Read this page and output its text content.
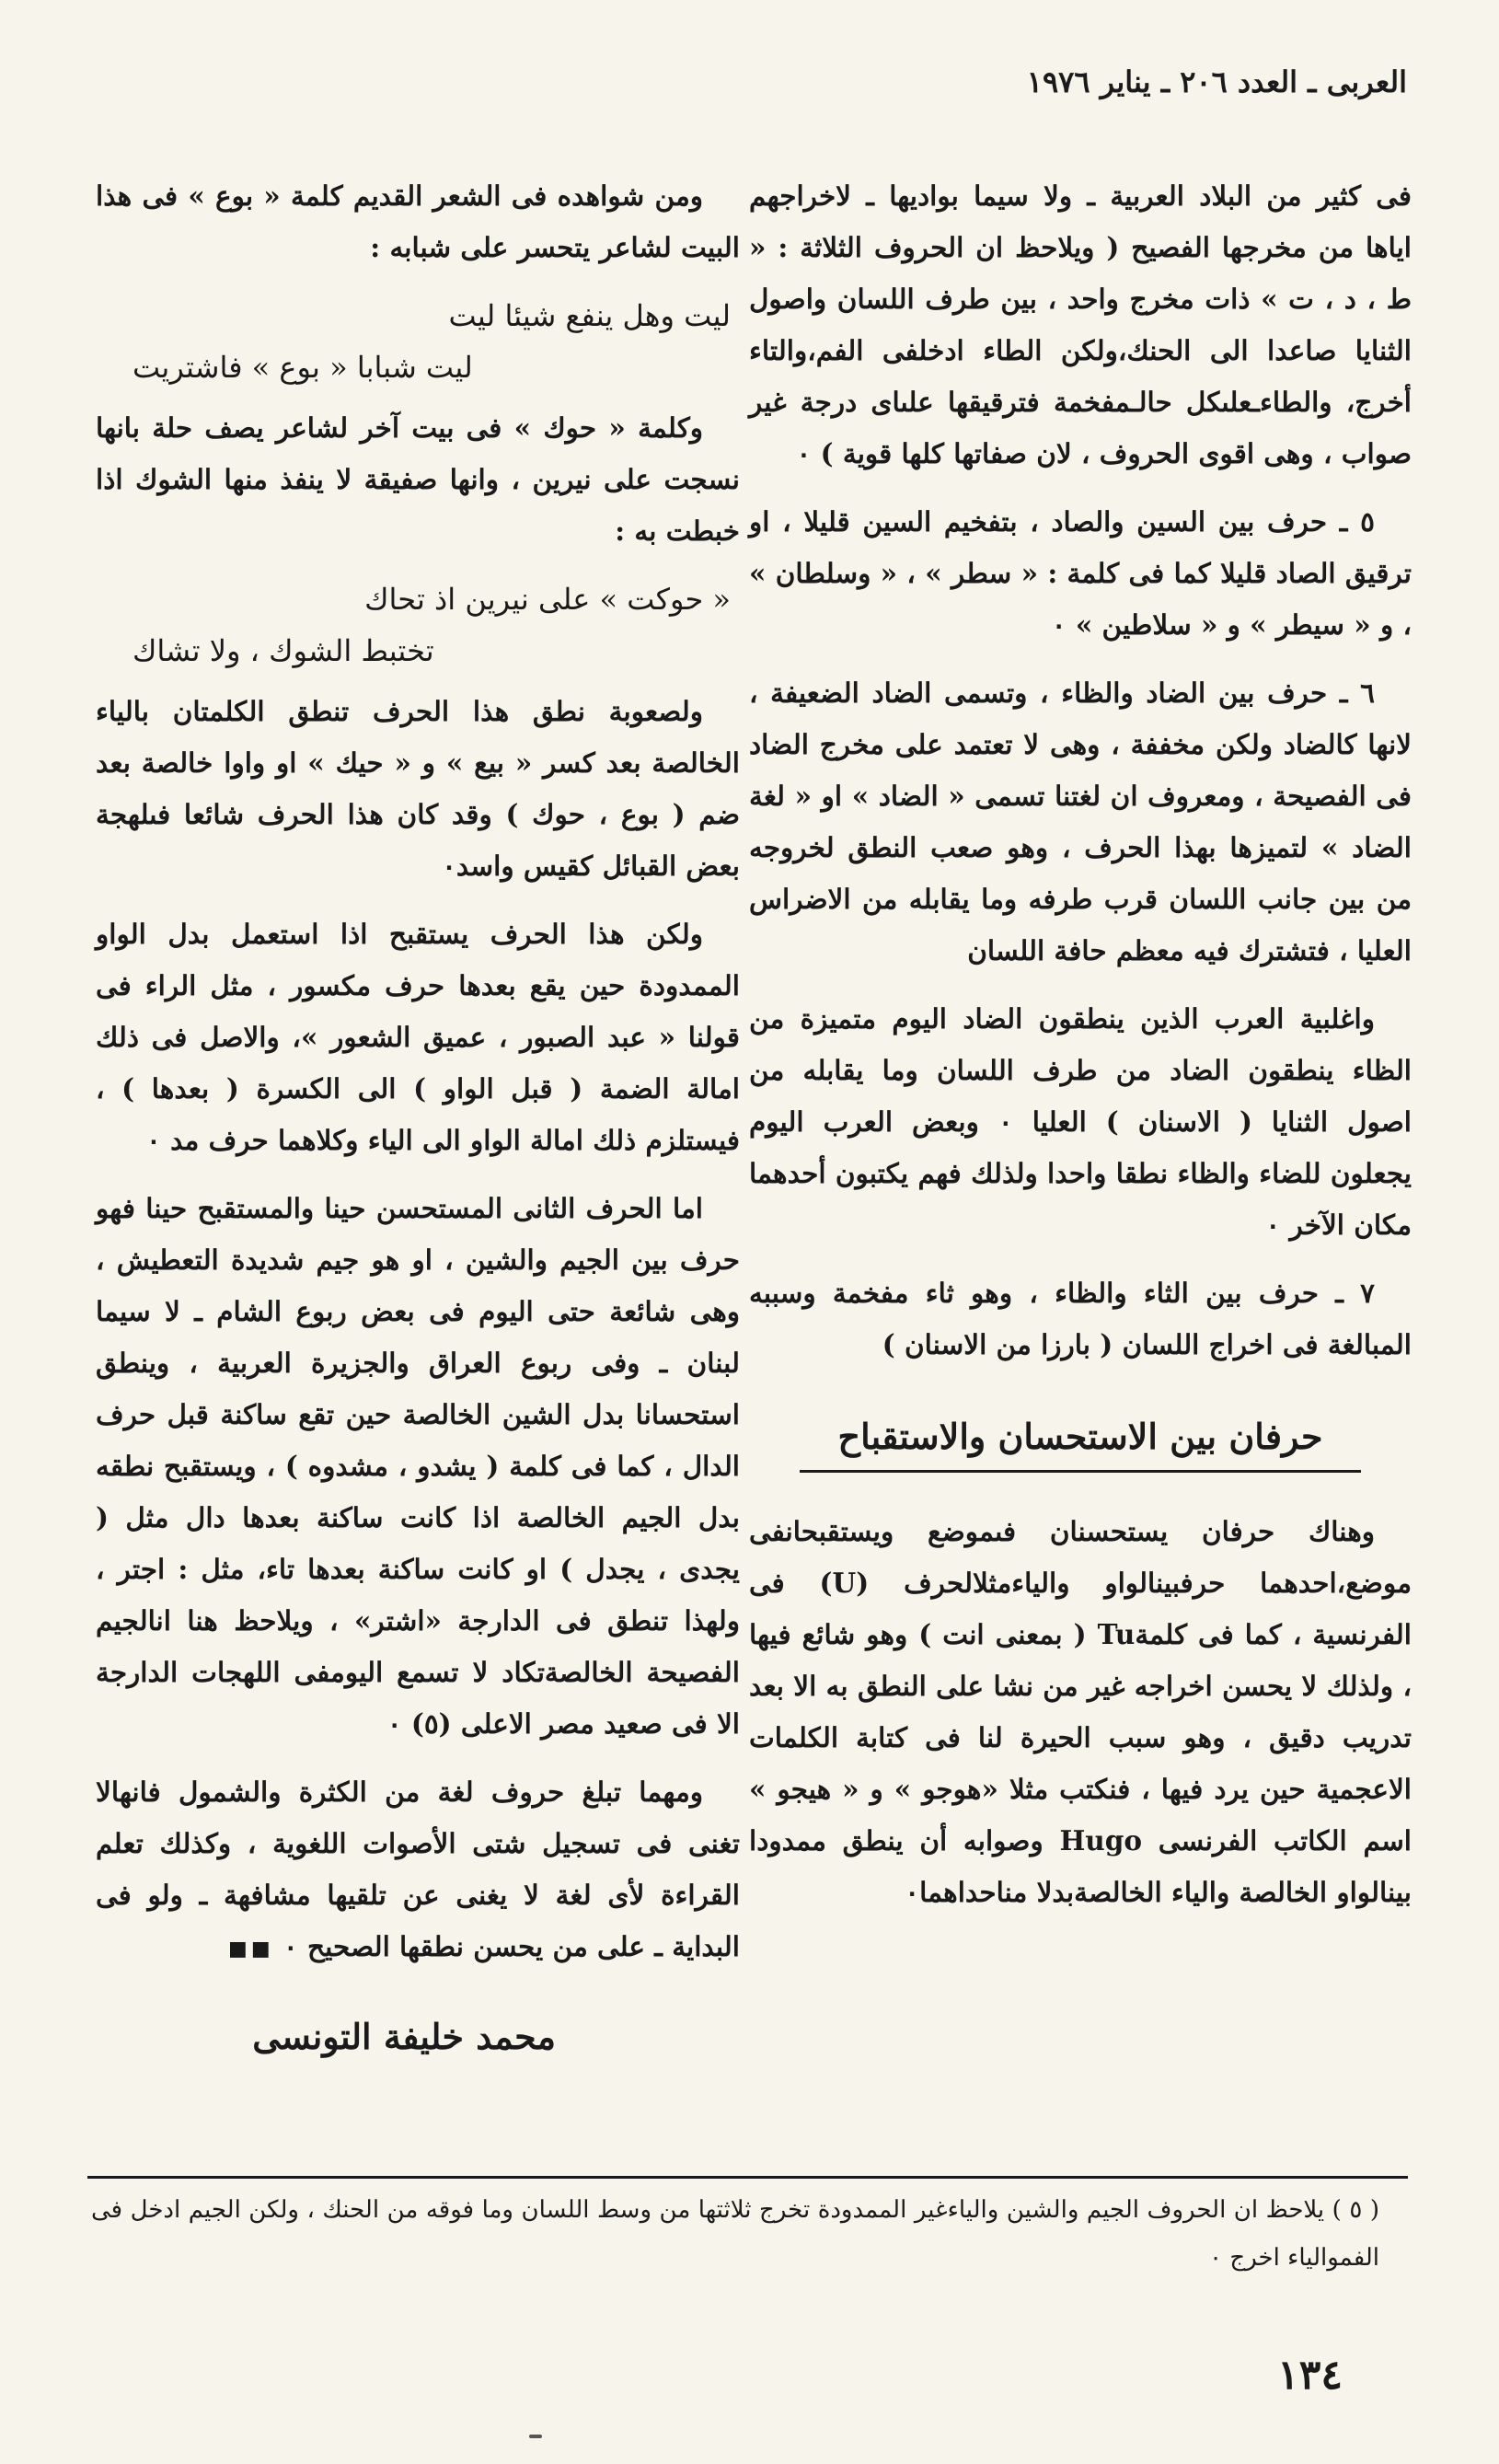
العربى ـ العدد ٢٠٦ ـ يناير ١٩٧٦

فى كثير من البلاد العربية ـ ولا سيما بواديها ـ لاخراجهم اياها من مخرجها الفصيح ( ويلاحظ ان الحروف الثلاثة : « ط ، د ، ت » ذات مخرج واحد ، بين طرف اللسان واصول الثنايا صاعدا الى الحنك،ولكن الطاء ادخلفى الفم،والتاء أخرج، والطاءـعلىكل حالـمفخمة فترقيقها علىاى درجة غير صواب ، وهى اقوى الحروف ، لان صفاتها كلها قوية ) ٠

٥ ـ حرف بين السين والصاد ، بتفخيم السين قليلا ، او ترقيق الصاد قليلا كما فى كلمة : « سطر » ، « وسلطان » ، و « سيطر » و « سلاطين » ٠

٦ ـ حرف بين الضاد والظاء ، وتسمى الضاد الضعيفة ، لانها كالضاد ولكن مخففة ، وهى لا تعتمد على مخرج الضاد فى الفصيحة ، ومعروف ان لغتنا تسمى « الضاد » او « لغة الضاد » لتميزها بهذا الحرف ، وهو صعب النطق لخروجه من بين جانب اللسان قرب طرفه وما يقابله من الاضراس العليا ، فتشترك فيه معظم حافة اللسان

واغلبية العرب الذين ينطقون الضاد اليوم متميزة من الظاء ينطقون الضاد من طرف اللسان وما يقابله من اصول الثنايا ( الاسنان ) العليا ٠ وبعض العرب اليوم يجعلون للضاء والظاء نطقا واحدا ولذلك فهم يكتبون أحدهما مكان الآخر ٠

٧ ـ حرف بين الثاء والظاء ، وهو ثاء مفخمة وسببه المبالغة فى اخراج اللسان ( بارزا من الاسنان )

حرفان بين الاستحسان والاستقباح

وهناك حرفان يستحسنان فىموضع ويستقبحانفى موضع،احدهما حرفبينالواو والياءمثلالحرف (U) فى الفرنسية ، كما فى كلمةTu ( بمعنى انت ) وهو شائع فيها ، ولذلك لا يحسن اخراجه غير من نشا على النطق به الا بعد تدريب دقيق ، وهو سبب الحيرة لنا فى كتابة الكلمات الاعجمية حين يرد فيها ، فنكتب مثلا «هوجو » و « هيجو » اسم الكاتب الفرنسى Hugo وصوابه أن ينطق ممدودا بينالواو الخالصة والياء الخالصةبدلا مناحداهما٠

ومن شواهده فى الشعر القديم كلمة « بوع » فى هذا البيت لشاعر يتحسر على شبابه :

ليت وهل ينفع شيئا ليت
ليت شبابا « بوع » فاشتريت

وكلمة « حوك » فى بيت آخر لشاعر يصف حلة بانها نسجت على نيرين ، وانها صفيقة لا ينفذ منها الشوك اذا خبطت به :

« حوكت » على نيرين اذ تحاك
تختبط الشوك ، ولا تشاك

ولصعوبة نطق هذا الحرف تنطق الكلمتان بالياء الخالصة بعد كسر « بيع » و « حيك » او واوا خالصة بعد ضم ( بوع ، حوك ) وقد كان هذا الحرف شائعا فىلهجة بعض القبائل كقيس واسد٠

ولكن هذا الحرف يستقبح اذا استعمل بدل الواو الممدودة حين يقع بعدها حرف مكسور ، مثل الراء فى قولنا « عبد الصبور ، عميق الشعور »، والاصل فى ذلك امالة الضمة ( قبل الواو ) الى الكسرة ( بعدها ) ، فيستلزم ذلك امالة الواو الى الياء وكلاهما حرف مد ٠

اما الحرف الثانى المستحسن حينا والمستقبح حينا فهو حرف بين الجيم والشين ، او هو جيم شديدة التعطيش ، وهى شائعة حتى اليوم فى بعض ربوع الشام ـ لا سيما لبنان ـ وفى ربوع العراق والجزيرة العربية ، وينطق استحسانا بدل الشين الخالصة حين تقع ساكنة قبل حرف الدال ، كما فى كلمة ( يشدو ، مشدوه ) ، ويستقبح نطقه بدل الجيم الخالصة اذا كانت ساكنة بعدها دال مثل ( يجدى ، يجدل ) او كانت ساكنة بعدها تاء، مثل : اجتر ، ولهذا تنطق فى الدارجة «اشتر» ، ويلاحظ هنا انالجيم الفصيحة الخالصةتكاد لا تسمع اليومفى اللهجات الدارجة الا فى صعيد مصر الاعلى (٥) ٠

ومهما تبلغ حروف لغة من الكثرة والشمول فانهالا تغنى فى تسجيل شتى الأصوات اللغوية ، وكذلك تعلم القراءة لأى لغة لا يغنى عن تلقيها مشافهة ـ ولو فى البداية ـ على من يحسن نطقها الصحيح ٠ ■■

محمد خليفة التونسى
( ٥ ) يلاحظ ان الحروف الجيم والشين والياءغير الممدودة تخرج ثلاثتها من وسط اللسان وما فوقه من الحنك ، ولكن الجيم ادخل فى الفموالياء اخرج ٠
١٣٤
